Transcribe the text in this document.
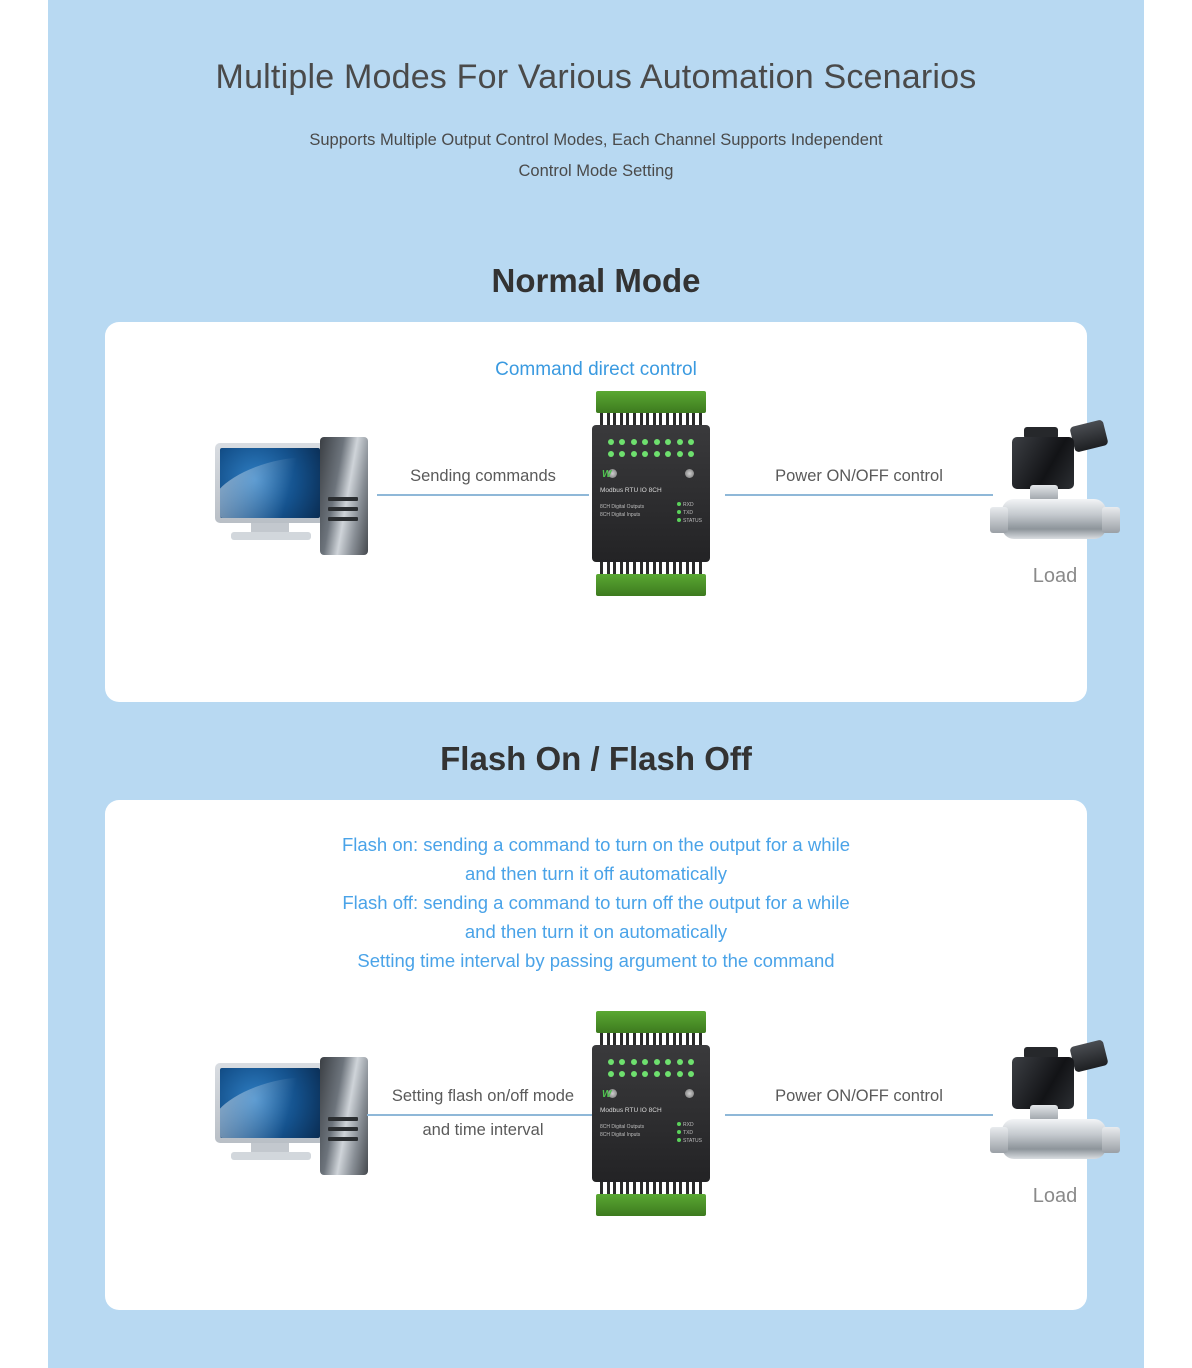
Multiple Modes For Various Automation Scenarios
Supports Multiple Output Control Modes, Each Channel Supports Independent
Control Mode Setting
Normal Mode
Command direct control
Sending commands	W
Modbus RTU IO 8CH
8CH Digital Outputs
8CH Digital Inputs
RXD
TXD
STATUS
Power ON/OFF control
Load
Flash On / Flash Off
Flash on: sending a command to turn on the output for a while
and then turn it off automatically
Flash off: sending a command to turn off the output for a while
and then turn it on automatically
Setting time interval by passing argument to the command
Setting flash on/off mode
and time interval
W
Modbus RTU IO 8CH
8CH Digital Outputs
8CH Digital Inputs
RXD
TXD
STATUS
Power ON/OFF control
Load
